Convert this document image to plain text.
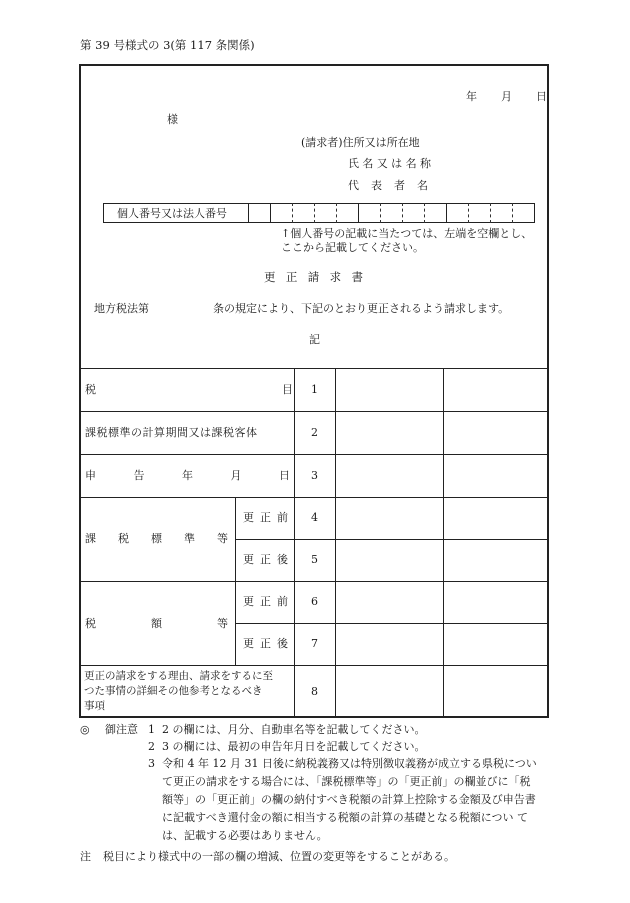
第 39 号様式の 3(第 117 条関係)
年 月 日
様
(請求者)住所又は所在地
氏 名 又 は 名 称
代 表 者 名
個人番号又は法人番号
↑個人番号の記載に当たつては、左端を空欄とし、
ここから記載してください。
更 正 請 求 書
地方税法第	条の規定により、下記のとおり更正されるよう請求します。
記
税	目	1
課税標準の計算期間又は課税客体	2
申	告	年	月	日	3
課 税 標 準 等
更 正 前	4
更 正 後	5
税	額	等
更 正 前	6
更 正 後	7
更正の請求をする理由、請求をするに至
つた事情の詳細その他参考となるべき
事項
8
◎ 御注意 1 2 の欄には、月分、自動車名等を記載してください。
2 3 の欄には、最初の申告年月日を記載してください。
3 令和 4 年 12 月 31 日後に納税義務又は特別徴収義務が成立する県税につい
て更正の請求をする場合には、「課税標準等」の「更正前」の欄並びに「税
額等」の「更正前」の欄の納付すべき税額の計算上控除する金額及び申告書
に記載すべき還付金の額に相当する税額の計算の基礎となる税額につい て
は、記載する必要はありません。
注 税目により様式中の一部の欄の増減、位置の変更等をすることがある。
